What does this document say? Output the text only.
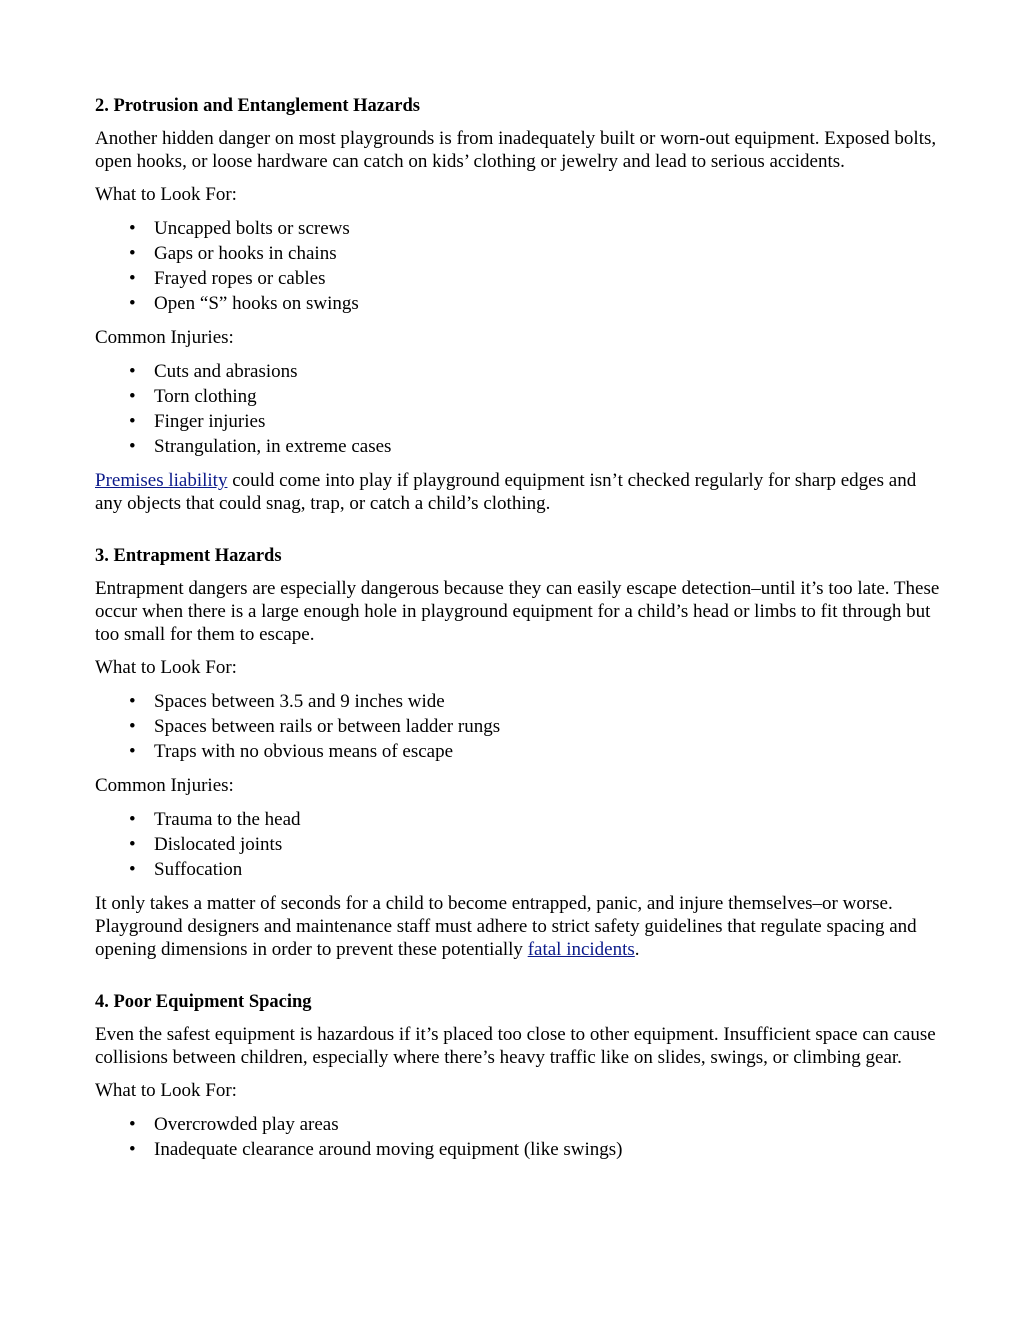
2. Protrusion and Entanglement Hazards

Another hidden danger on most playgrounds is from inadequately built or worn-out equipment. Exposed bolts, open hooks, or loose hardware can catch on kids’ clothing or jewelry and lead to serious accidents.

What to Look For:

• Uncapped bolts or screws
• Gaps or hooks in chains
• Frayed ropes or cables
• Open “S” hooks on swings

Common Injuries:

• Cuts and abrasions
• Torn clothing
• Finger injuries
• Strangulation, in extreme cases

Premises liability could come into play if playground equipment isn’t checked regularly for sharp edges and any objects that could snag, trap, or catch a child’s clothing.

3. Entrapment Hazards

Entrapment dangers are especially dangerous because they can easily escape detection–until it’s too late. These occur when there is a large enough hole in playground equipment for a child’s head or limbs to fit through but too small for them to escape.

What to Look For:

• Spaces between 3.5 and 9 inches wide
• Spaces between rails or between ladder rungs
• Traps with no obvious means of escape

Common Injuries:

• Trauma to the head
• Dislocated joints
• Suffocation

It only takes a matter of seconds for a child to become entrapped, panic, and injure themselves–or worse. Playground designers and maintenance staff must adhere to strict safety guidelines that regulate spacing and opening dimensions in order to prevent these potentially fatal incidents.

4. Poor Equipment Spacing

Even the safest equipment is hazardous if it’s placed too close to other equipment. Insufficient space can cause collisions between children, especially where there’s heavy traffic like on slides, swings, or climbing gear.

What to Look For:

• Overcrowded play areas
• Inadequate clearance around moving equipment (like swings)
